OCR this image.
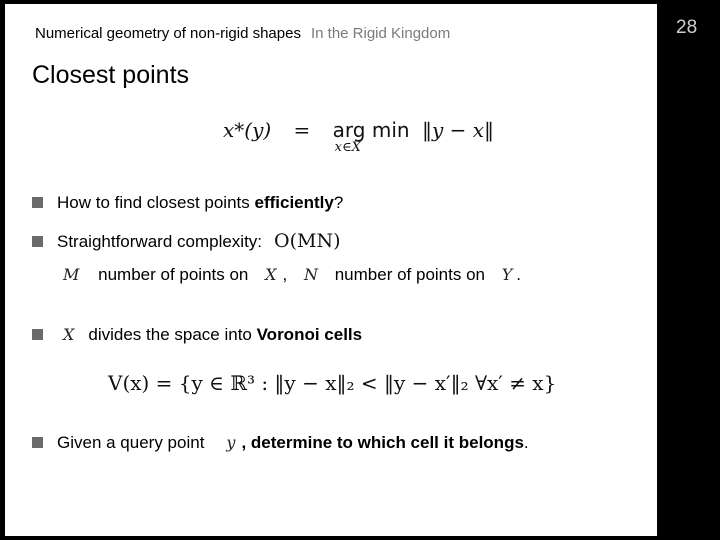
Numerical geometry of non-rigid shapes In the Rigid Kingdom
Closest points
x*(y) = arg min
x∈X
‖y − x‖
How to find closest points efficiently?
Straightforward complexity: O(MN)
M number of points on X , N number of points on Y .
X divides the space into Voronoi cells
V(x) = {y ∈ ℝ³ : ‖y − x‖₂ < ‖y − x′‖₂ ∀x′ ≠ x}
Given a query point y , determine to which cell it belongs.
28
